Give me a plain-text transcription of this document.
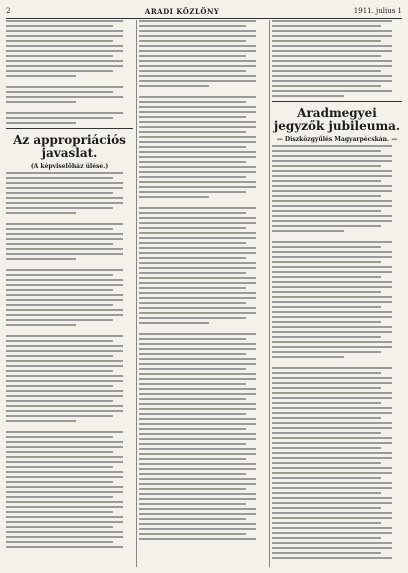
2	ARADI KÖZLÖNY	1911. julius 1
Az appropriációs javaslat.
(A képviselőház ülése.)
Aradmegyei jegyzők jubileuma.
— Díszközgyűlés Magyarpécskán. —
